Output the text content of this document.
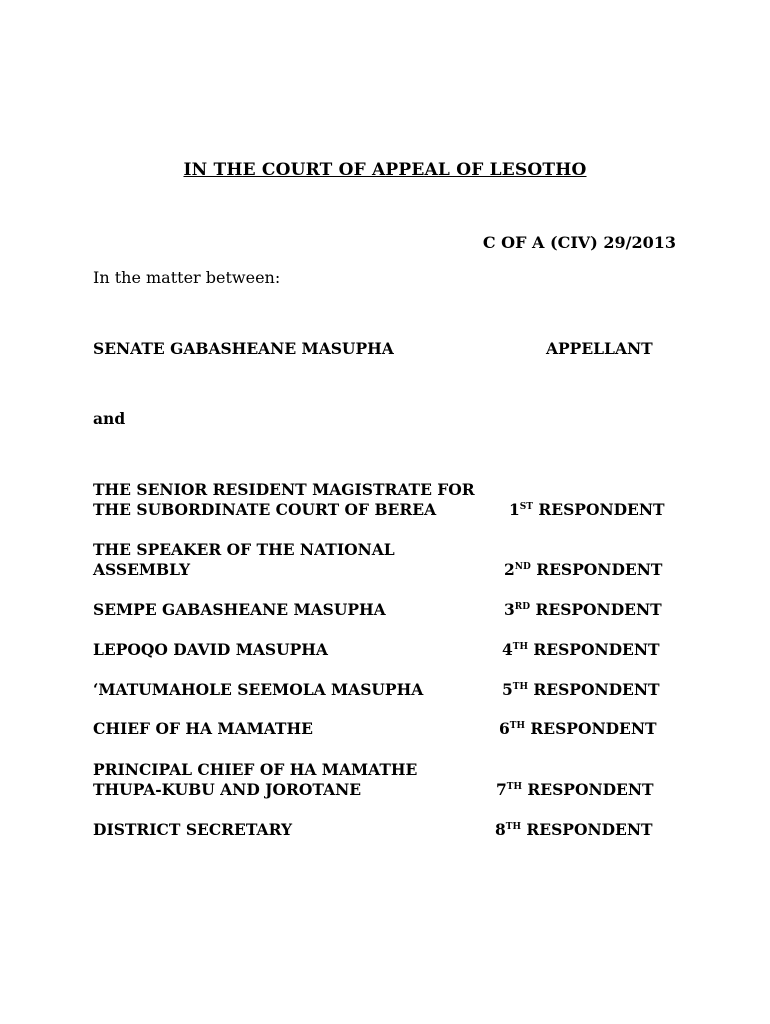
IN THE COURT OF APPEAL OF LESOTHO
C OF A (CIV) 29/2013
In the matter between:
SENATE GABASHEANE MASUPHA	APPELLANT
and
THE SENIOR RESIDENT MAGISTRATE FOR
THE SUBORDINATE COURT OF BEREA	1ST RESPONDENT
THE SPEAKER OF THE NATIONAL
ASSEMBLY	2ND RESPONDENT
SEMPE GABASHEANE MASUPHA	3RD RESPONDENT
LEPOQO DAVID MASUPHA	4TH RESPONDENT
‘MATUMAHOLE SEEMOLA MASUPHA	5TH RESPONDENT
CHIEF OF HA MAMATHE	6TH RESPONDENT
PRINCIPAL CHIEF OF HA MAMATHE
THUPA-KUBU AND JOROTANE	7TH RESPONDENT
DISTRICT SECRETARY	8TH RESPONDENT
